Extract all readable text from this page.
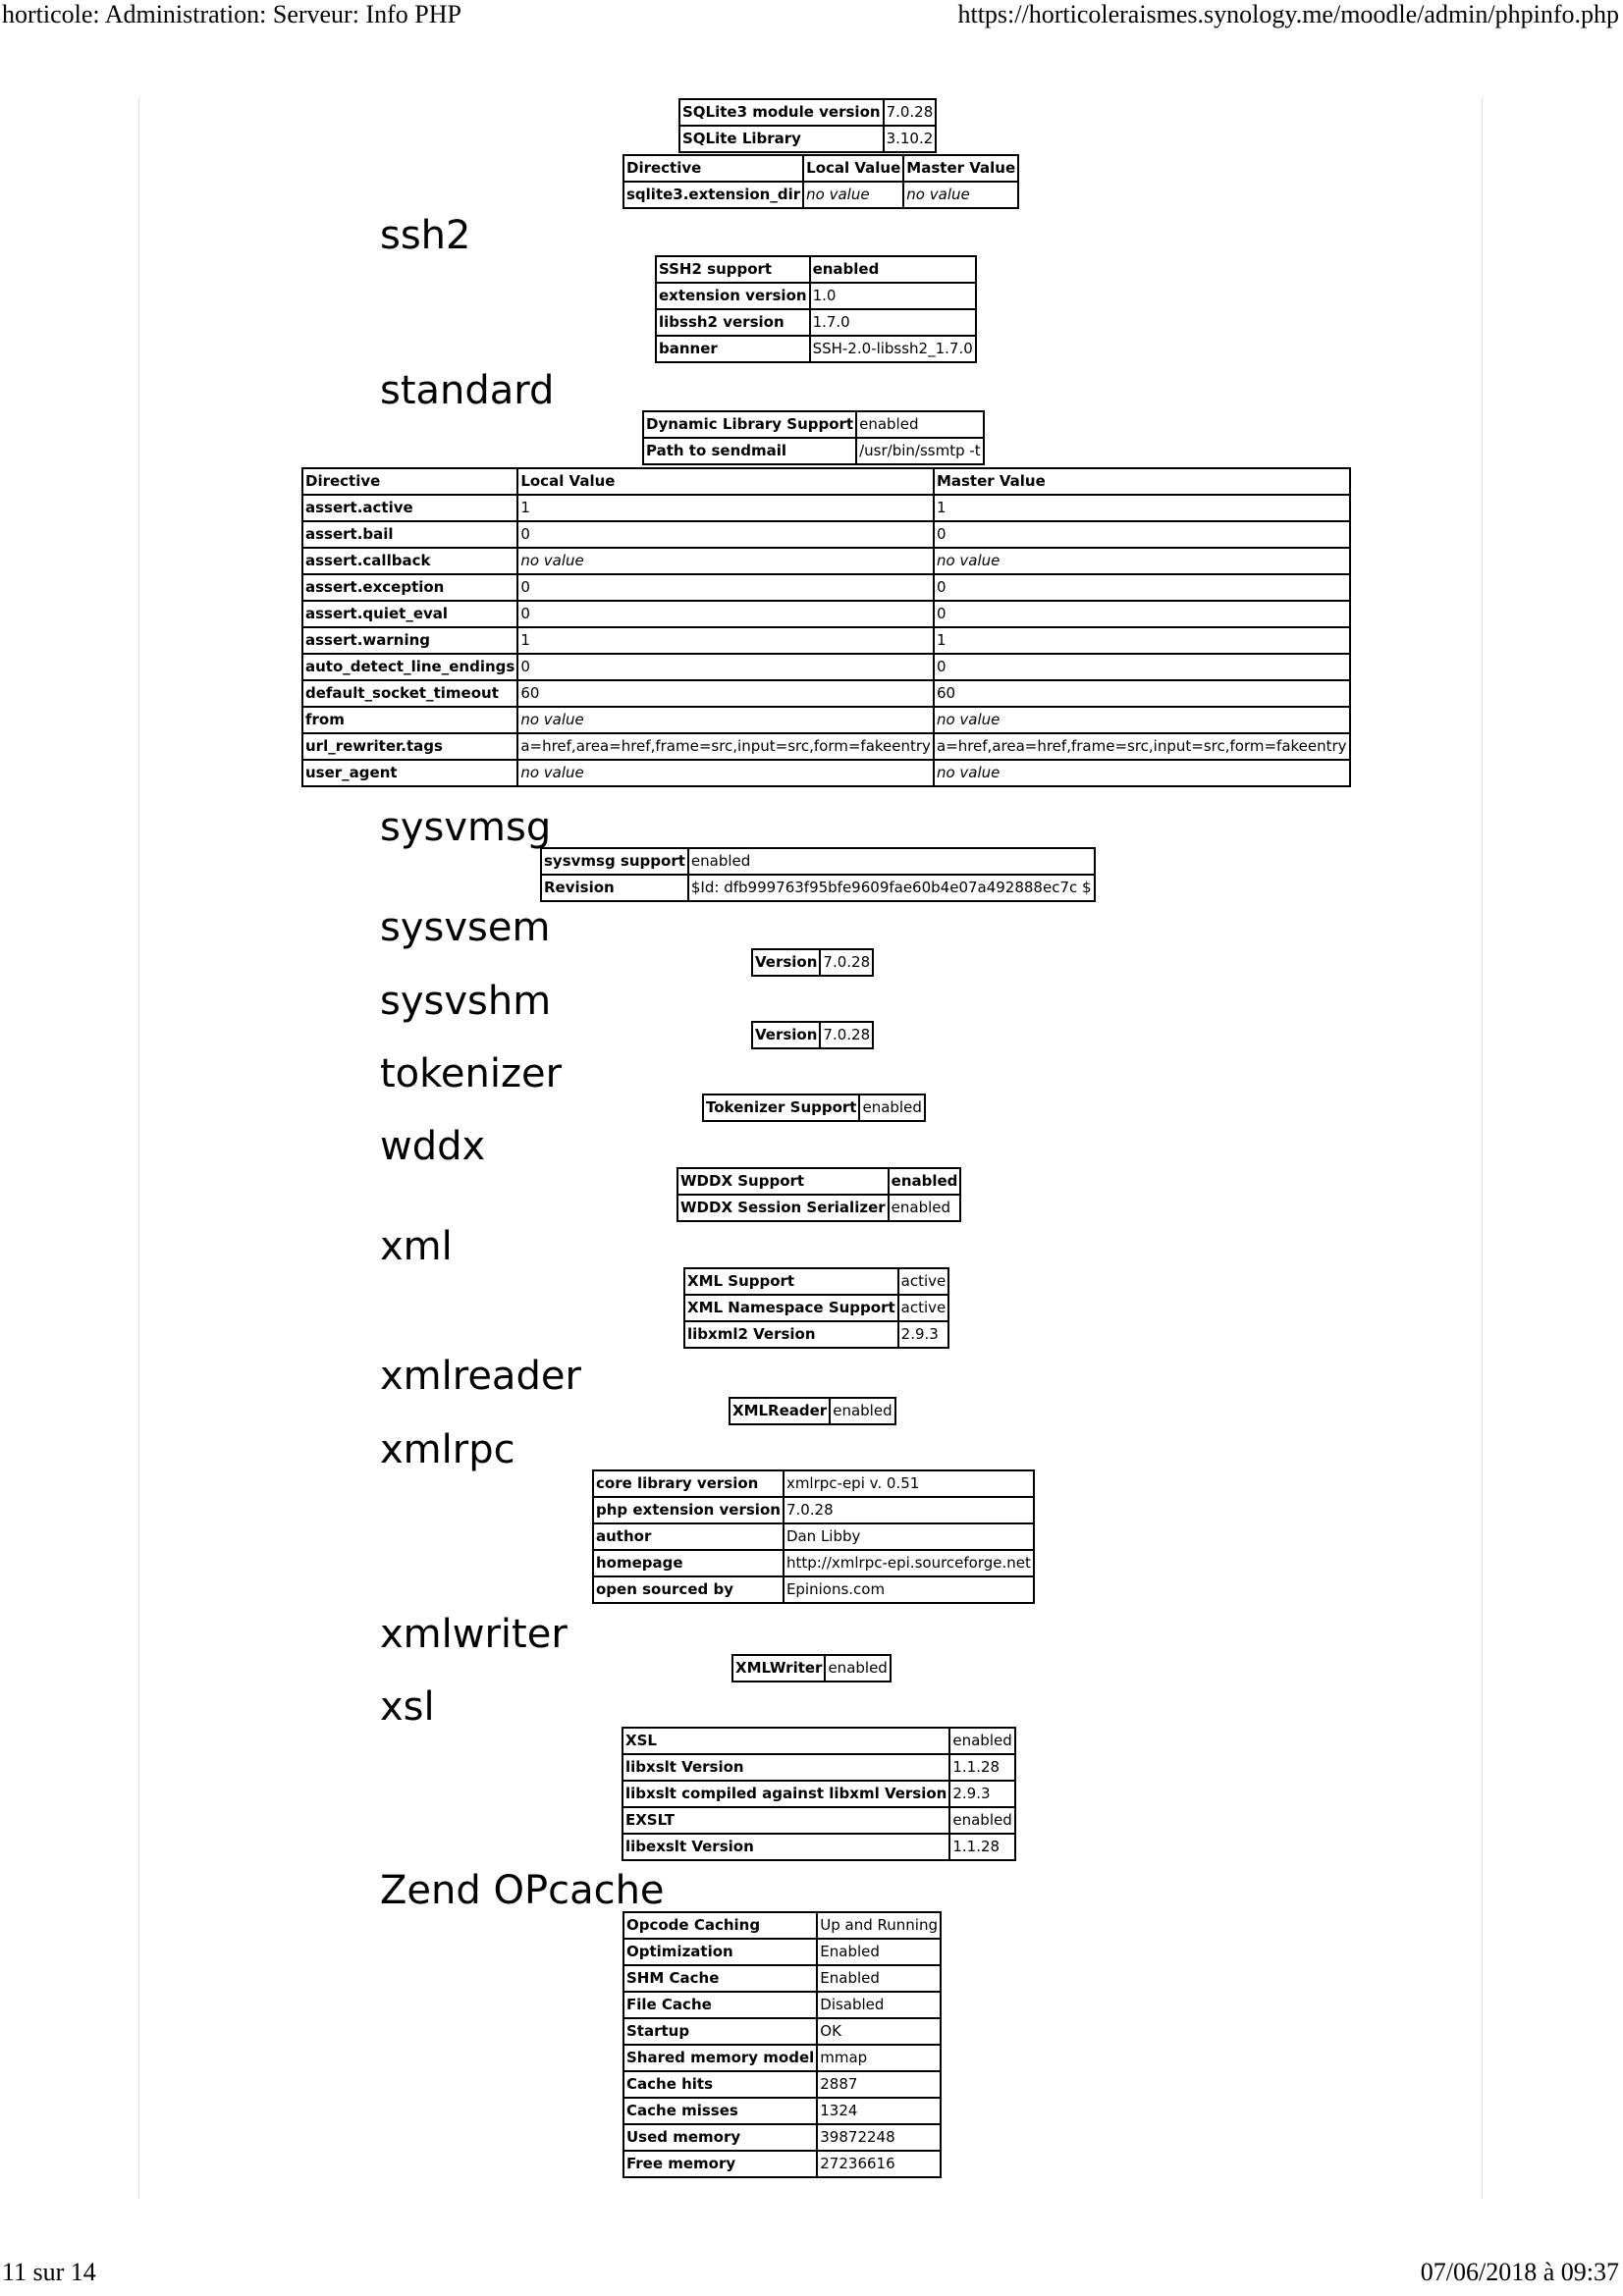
horticole: Administration: Serveur: Info PHP	https://horticoleraismes.synology.me/moodle/admin/phpinfo.php
SQLite3 module version	7.0.28
SQLite Library	3.10.2
Directive	Local Value	Master Value
sqlite3.extension_dir	no value	no value
ssh2
SSH2 support	enabled
extension version	1.0
libssh2 version	1.7.0
banner	SSH-2.0-libssh2_1.7.0
standard
Dynamic Library Support	enabled
Path to sendmail	/usr/bin/ssmtp -t
Directive	Local Value	Master Value
assert.active	1	1
assert.bail	0	0
assert.callback	no value	no value
assert.exception	0	0
assert.quiet_eval	0	0
assert.warning	1	1
auto_detect_line_endings	0	0
default_socket_timeout	60	60
from	no value	no value
url_rewriter.tags	a=href,area=href,frame=src,input=src,form=fakeentry	a=href,area=href,frame=src,input=src,form=fakeentry
user_agent	no value	no value
sysvmsg
sysvmsg support	enabled
Revision	$Id: dfb999763f95bfe9609fae60b4e07a492888ec7c $
sysvsem
Version	7.0.28
sysvshm
Version	7.0.28
tokenizer
Tokenizer Support	enabled
wddx
WDDX Support	enabled
WDDX Session Serializer	enabled
xml
XML Support	active
XML Namespace Support	active
libxml2 Version	2.9.3
xmlreader
XMLReader	enabled
xmlrpc
core library version	xmlrpc-epi v. 0.51
php extension version	7.0.28
author	Dan Libby
homepage	http://xmlrpc-epi.sourceforge.net
open sourced by	Epinions.com
xmlwriter
XMLWriter	enabled
xsl
XSL	enabled
libxslt Version	1.1.28
libxslt compiled against libxml Version	2.9.3
EXSLT	enabled
libexslt Version	1.1.28
Zend OPcache
Opcode Caching	Up and Running
Optimization	Enabled
SHM Cache	Enabled
File Cache	Disabled
Startup	OK
Shared memory model	mmap
Cache hits	2887
Cache misses	1324
Used memory	39872248
Free memory	27236616
11 sur 14	07/06/2018 à 09:37
